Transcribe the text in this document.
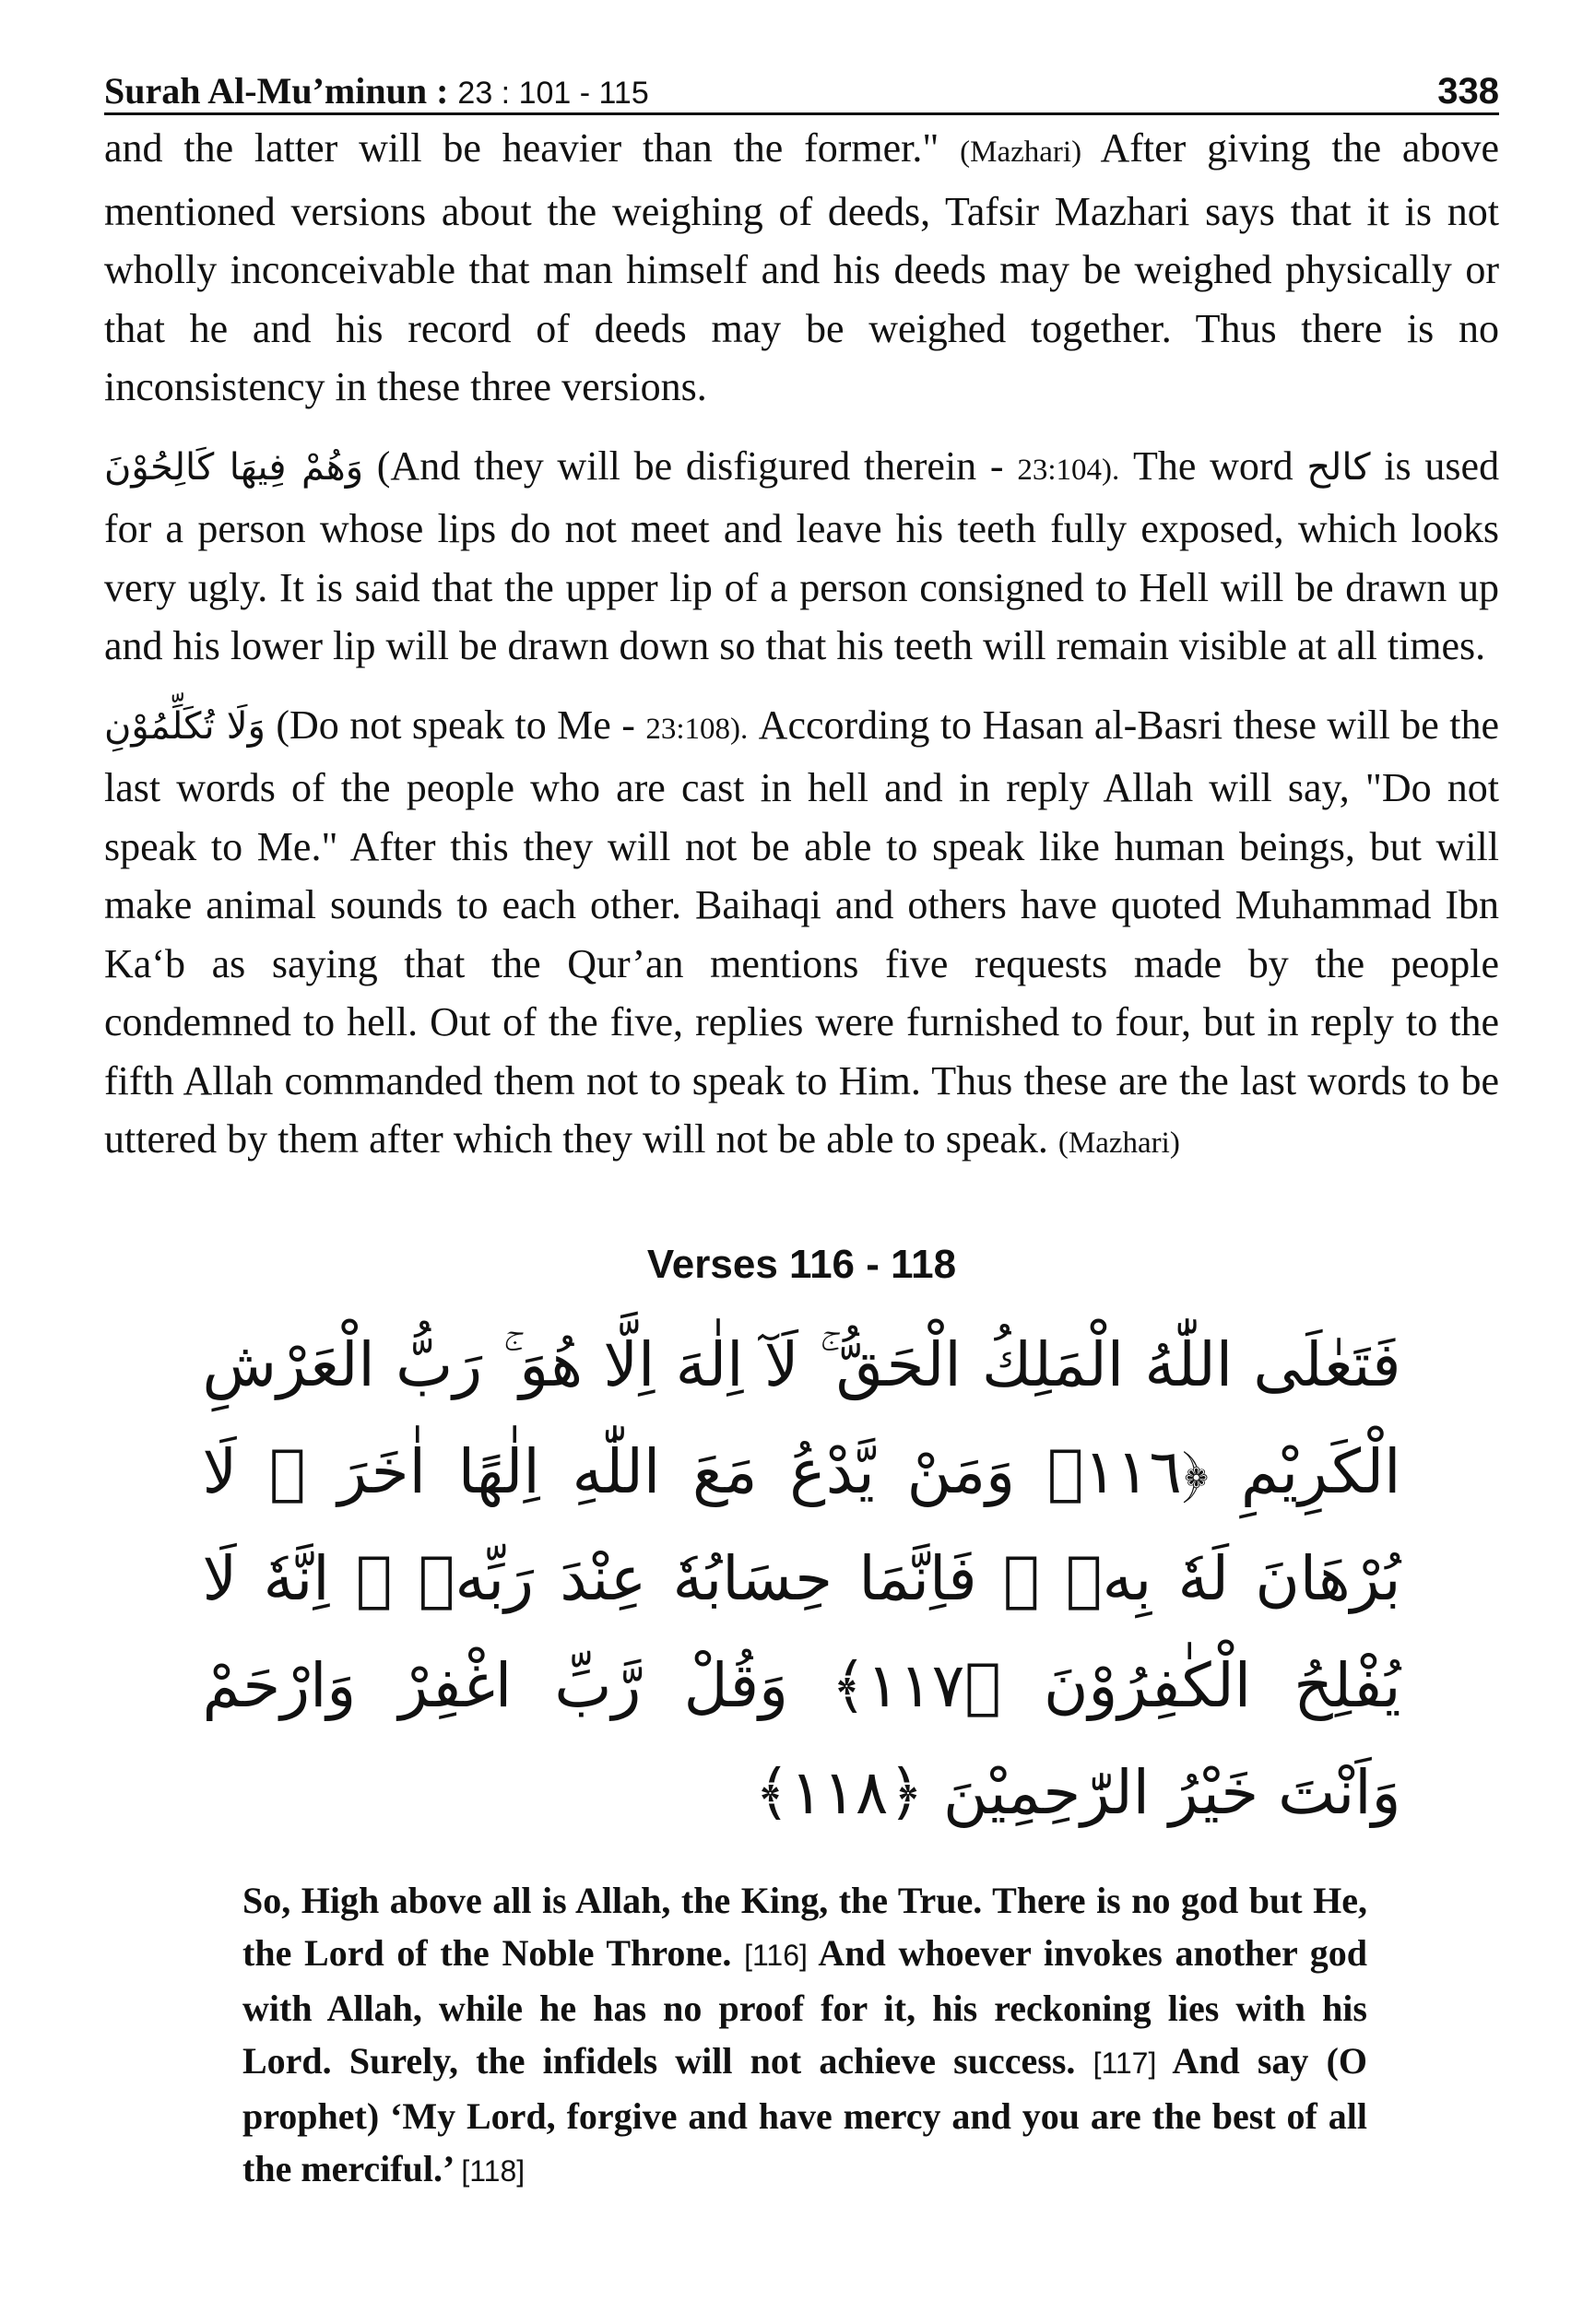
Surah Al-Mu’minun : 23 : 101 - 115	338

and the latter will be heavier than the former." (Mazhari) After giving the above mentioned versions about the weighing of deeds, Tafsir Mazhari says that it is not wholly inconceivable that man himself and his deeds may be weighed physically or that he and his record of deeds may be weighed together. Thus there is no inconsistency in these three versions.

وَهُمْ فِيهَا كَالِحُوْنَ (And they will be disfigured therein - 23:104). The word كالح is used for a person whose lips do not meet and leave his teeth fully exposed, which looks very ugly. It is said that the upper lip of a person consigned to Hell will be drawn up and his lower lip will be drawn down so that his teeth will remain visible at all times.

وَلَا تُكَلِّمُوْنِ (Do not speak to Me - 23:108). According to Hasan al-Basri these will be the last words of the people who are cast in hell and in reply Allah will say, "Do not speak to Me." After this they will not be able to speak like human beings, but will make animal sounds to each other. Baihaqi and others have quoted Muhammad Ibn Ka‘b as saying that the Qur’an mentions five requests made by the people condemned to hell. Out of the five, replies were furnished to four, but in reply to the fifth Allah commanded them not to speak to Him. Thus these are the last words to be uttered by them after which they will not be able to speak. (Mazhari)

Verses 116 - 118
فَتَعٰلَى اللّٰهُ الْمَلِكُ الْحَقُّ ۚ لَآ اِلٰهَ اِلَّا هُوَ ۚ رَبُّ الْعَرْشِ الْكَرِيْمِ ﴿١١٦﴾ وَمَنْ يَّدْعُ مَعَ اللّٰهِ اِلٰهًا اٰخَرَ ۙ لَا بُرْهَانَ لَهٗ بِهٖ ۙ فَاِنَّمَا حِسَابُهٗ عِنْدَ رَبِّهٖ ۭ اِنَّهٗ لَا يُفْلِحُ الْكٰفِرُوْنَ ﴿١١٧﴾ وَقُلْ رَّبِّ اغْفِرْ وَارْحَمْ وَاَنْتَ خَيْرُ الرّٰحِمِيْنَ ﴿١١٨﴾
So, High above all is Allah, the King, the True. There is no god but He, the Lord of the Noble Throne. [116] And whoever invokes another god with Allah, while he has no proof for it, his reckoning lies with his Lord. Surely, the infidels will not achieve success. [117] And say (O prophet) ‘My Lord, forgive and have mercy and you are the best of all the merciful.’ [118]
